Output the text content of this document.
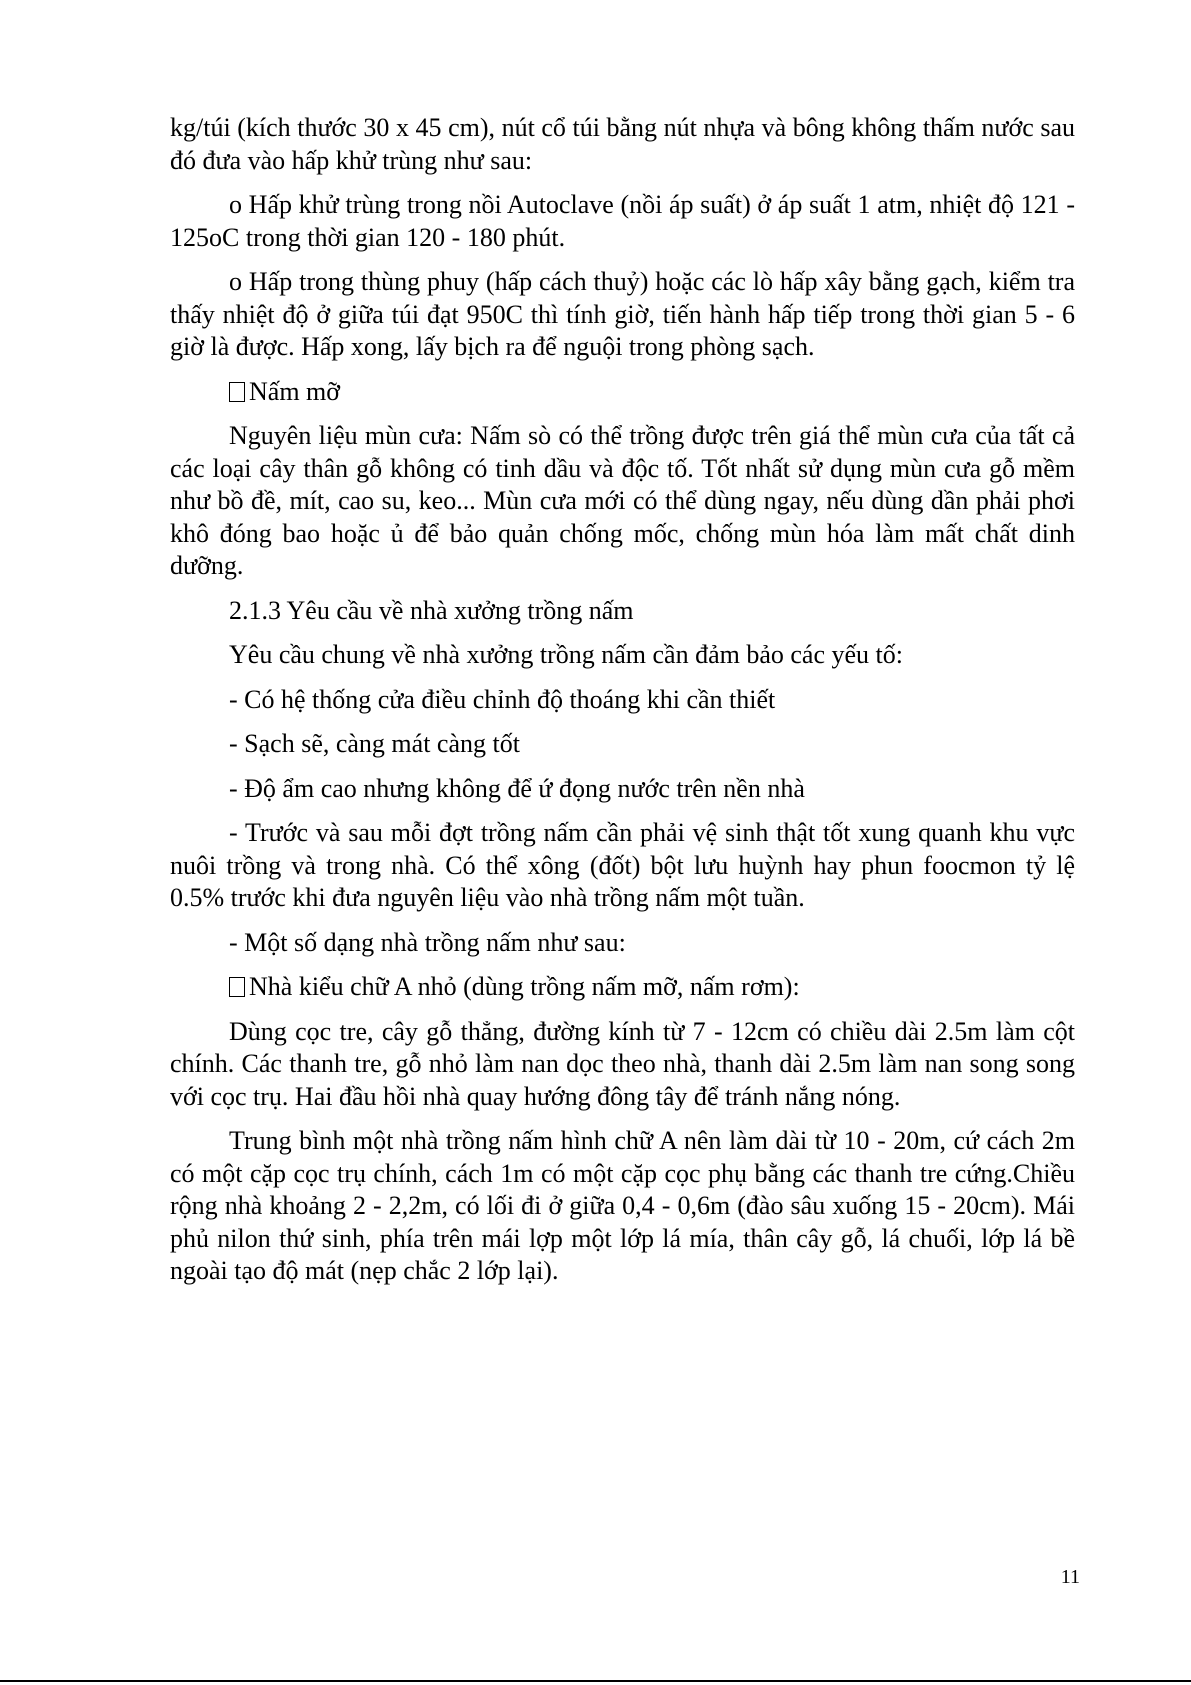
kg/túi (kích thước 30 x 45 cm), nút cổ túi bằng nút nhựa và bông không thấm nước sau đó đưa vào hấp khử trùng như sau:

o Hấp khử trùng trong nồi Autoclave (nồi áp suất) ở áp suất 1 atm, nhiệt độ 121 - 125oC trong thời gian 120 - 180 phút.

o Hấp trong thùng phuy (hấp cách thuỷ) hoặc các lò hấp xây bằng gạch, kiểm tra thấy nhiệt độ ở giữa túi đạt 950C thì tính giờ, tiến hành hấp tiếp trong thời gian 5 - 6 giờ là được. Hấp xong, lấy bịch ra để nguội trong phòng sạch.

Nấm mỡ

Nguyên liệu mùn cưa: Nấm sò có thể trồng được trên giá thể mùn cưa của tất cả các loại cây thân gỗ không có tinh dầu và độc tố. Tốt nhất sử dụng mùn cưa gỗ mềm như bồ đề, mít, cao su, keo... Mùn cưa mới có thể dùng ngay, nếu dùng dần phải phơi khô đóng bao hoặc ủ để bảo quản chống mốc, chống mùn hóa làm mất chất dinh dưỡng.

2.1.3 Yêu cầu về nhà xưởng trồng nấm

Yêu cầu chung về nhà xưởng trồng nấm cần đảm bảo các yếu tố:

- Có hệ thống cửa điều chỉnh độ thoáng khi cần thiết

- Sạch sẽ, càng mát càng tốt

- Độ ẩm cao nhưng không để ứ đọng nước trên nền nhà

- Trước và sau mỗi đợt trồng nấm cần phải vệ sinh thật tốt xung quanh khu vực nuôi trồng và trong nhà. Có thể xông (đốt) bột lưu huỳnh hay phun foocmon tỷ lệ 0.5% trước khi đưa nguyên liệu vào nhà trồng nấm một tuần.

- Một số dạng nhà trồng nấm như sau:

Nhà kiểu chữ A nhỏ (dùng trồng nấm mỡ, nấm rơm):

Dùng cọc tre, cây gỗ thẳng, đường kính từ 7 - 12cm có chiều dài 2.5m làm cột chính. Các thanh tre, gỗ nhỏ làm nan dọc theo nhà, thanh dài 2.5m làm nan song song với cọc trụ. Hai đầu hồi nhà quay hướng đông tây để tránh nắng nóng.

Trung bình một nhà trồng nấm hình chữ A nên làm dài từ 10 - 20m, cứ cách 2m có một cặp cọc trụ chính, cách 1m có một cặp cọc phụ bằng các thanh tre cứng.Chiều rộng nhà khoảng 2 - 2,2m, có lối đi ở giữa 0,4 - 0,6m (đào sâu xuống 15 - 20cm). Mái phủ nilon thứ sinh, phía trên mái lợp một lớp lá mía, thân cây gỗ, lá chuối, lớp lá bề ngoài tạo độ mát (nẹp chắc 2 lớp lại).

11
